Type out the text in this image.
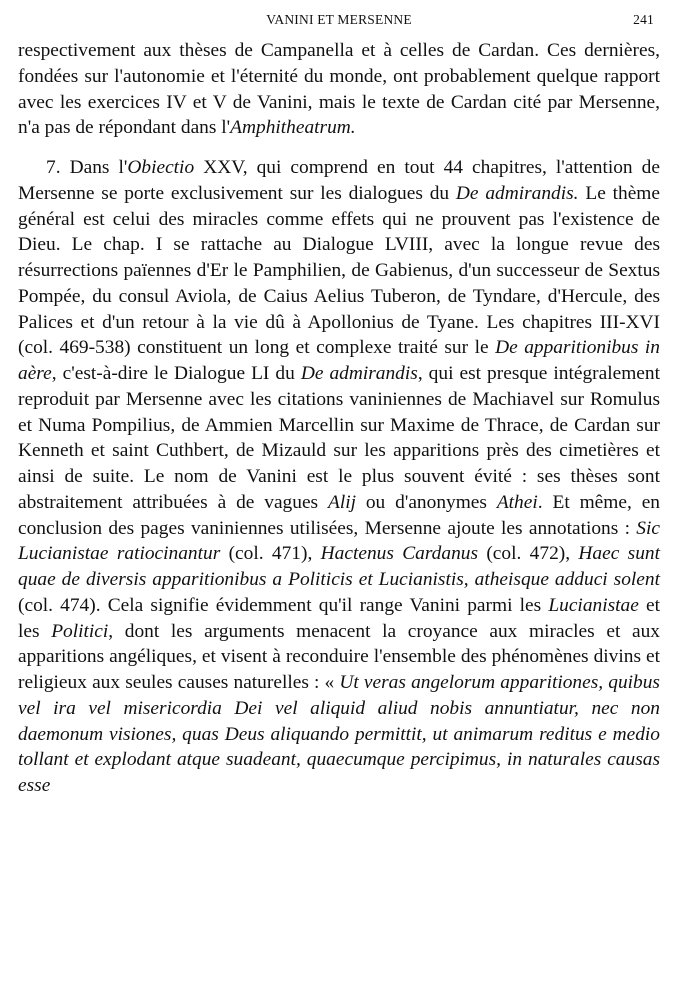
VANINI ET MERSENNE	241

respectivement aux thèses de Campanella et à celles de Cardan. Ces dernières, fondées sur l'autonomie et l'éternité du monde, ont probablement quelque rapport avec les exercices IV et V de Vanini, mais le texte de Cardan cité par Mersenne, n'a pas de répondant dans l'Amphitheatrum.

7. Dans l'Obiectio XXV, qui comprend en tout 44 chapitres, l'attention de Mersenne se porte exclusivement sur les dialogues du De admirandis. Le thème général est celui des miracles comme effets qui ne prouvent pas l'existence de Dieu. Le chap. I se rattache au Dialogue LVIII, avec la longue revue des résurrections païennes d'Er le Pamphilien, de Gabienus, d'un successeur de Sextus Pompée, du consul Aviola, de Caius Aelius Tuberon, de Tyndare, d'Hercule, des Palices et d'un retour à la vie dû à Apollonius de Tyane. Les chapitres III-XVI (col. 469-538) constituent un long et complexe traité sur le De apparitionibus in aère, c'est-à-dire le Dialogue LI du De admirandis, qui est presque intégralement reproduit par Mersenne avec les citations vaniniennes de Machiavel sur Romulus et Numa Pompilius, de Ammien Marcellin sur Maxime de Thrace, de Cardan sur Kenneth et saint Cuthbert, de Mizauld sur les apparitions près des cimetières et ainsi de suite. Le nom de Vanini est le plus souvent évité : ses thèses sont abstraitement attribuées à de vagues Alij ou d'anonymes Athei. Et même, en conclusion des pages vaniniennes utilisées, Mersenne ajoute les annotations : Sic Lucianistae ratiocinantur (col. 471), Hactenus Cardanus (col. 472), Haec sunt quae de diversis apparitionibus a Politicis et Lucianistis, atheisque adduci solent (col. 474). Cela signifie évidemment qu'il range Vanini parmi les Lucianistae et les Politici, dont les arguments menacent la croyance aux miracles et aux apparitions angéliques, et visent à reconduire l'ensemble des phénomènes divins et religieux aux seules causes naturelles : « Ut veras angelorum apparitiones, quibus vel ira vel misericordia Dei vel aliquid aliud nobis annuntiatur, nec non daemonum visiones, quas Deus aliquando permittit, ut animarum reditus e medio tollant et explodant atque suadeant, quaecumque percipimus, in naturales causas esse
